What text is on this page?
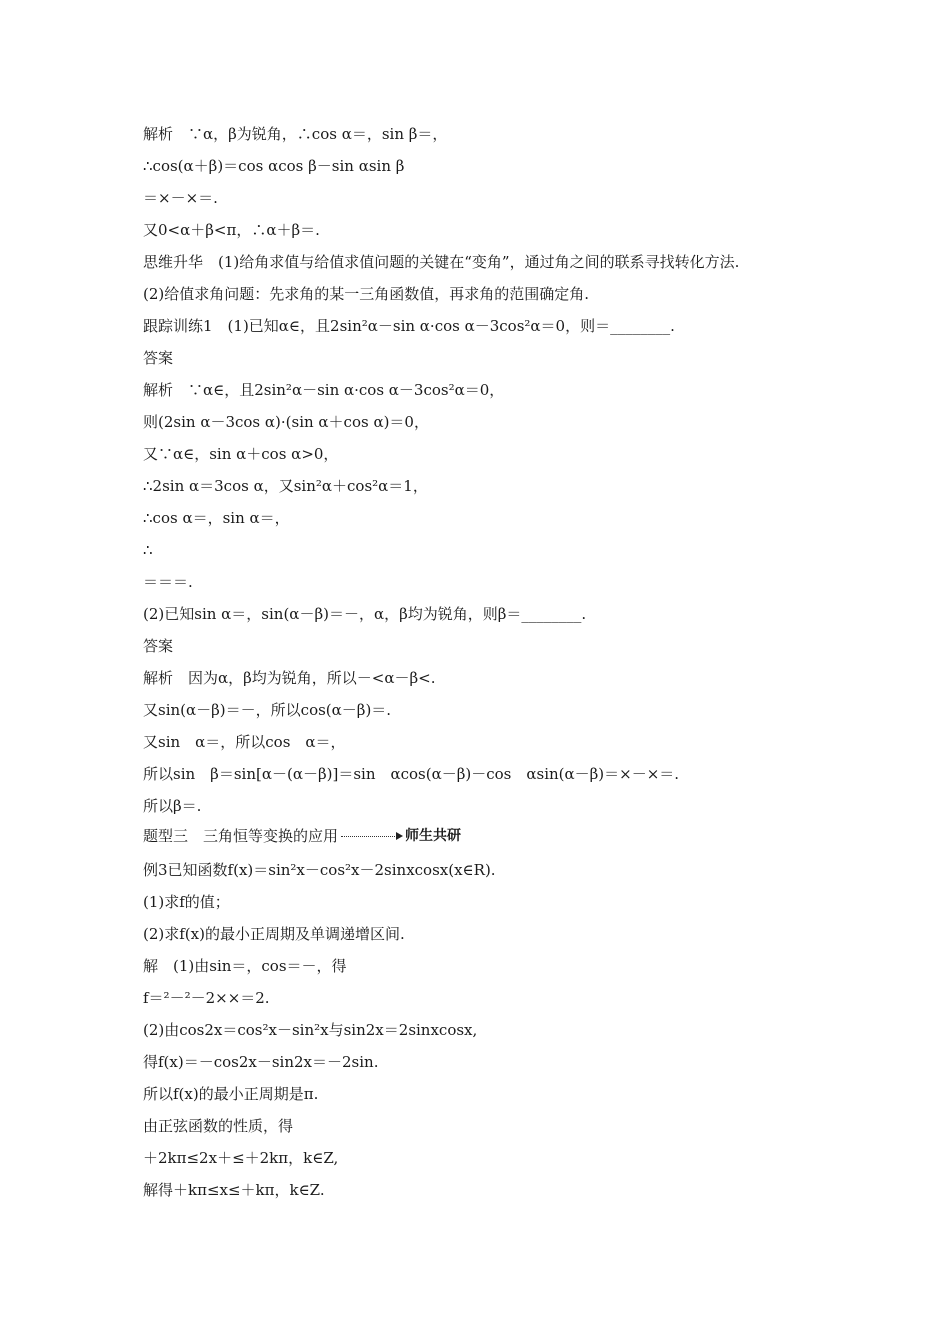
解析　∵α，β为锐角，∴cos α＝，sin β＝，
∴cos(α＋β)＝cos αcos β－sin αsin β
＝×－×＝.
又0<α＋β<π，∴α＋β＝.
思维升华　(1)给角求值与给值求值问题的关键在“变角”，通过角之间的联系寻找转化方法.
(2)给值求角问题：先求角的某一三角函数值，再求角的范围确定角.
跟踪训练1　(1)已知α∈，且2sin²α－sin α·cos α－3cos²α＝0，则＝________.
答案
解析　∵α∈，且2sin²α－sin α·cos α－3cos²α＝0，
则(2sin α－3cos α)·(sin α＋cos α)＝0，
又∵α∈，sin α＋cos α>0，
∴2sin α＝3cos α，又sin²α＋cos²α＝1，
∴cos α＝，sin α＝，
∴
＝＝＝.
(2)已知sin α＝，sin(α－β)＝－，α，β均为锐角，则β＝________.
答案
解析　因为α，β均为锐角，所以－<α－β<.
又sin(α－β)＝－，所以cos(α－β)＝.
又sin　α＝，所以cos　α＝，
所以sin　β＝sin[α－(α－β)]＝sin　αcos(α－β)－cos　αsin(α－β)＝×－×＝.
所以β＝.
题型三　三角恒等变换的应用	师生共研
例3已知函数f(x)＝sin²x－cos²x－2sinxcosx(x∈R).
(1)求f的值；
(2)求f(x)的最小正周期及单调递增区间.
解　(1)由sin＝，cos＝－，得
f＝²－²－2××＝2.
(2)由cos2x＝cos²x－sin²x与sin2x＝2sinxcosx,
得f(x)＝－cos2x－sin2x＝－2sin.
所以f(x)的最小正周期是π.
由正弦函数的性质，得
＋2kπ≤2x＋≤＋2kπ，k∈Z,
解得＋kπ≤x≤＋kπ，k∈Z.
